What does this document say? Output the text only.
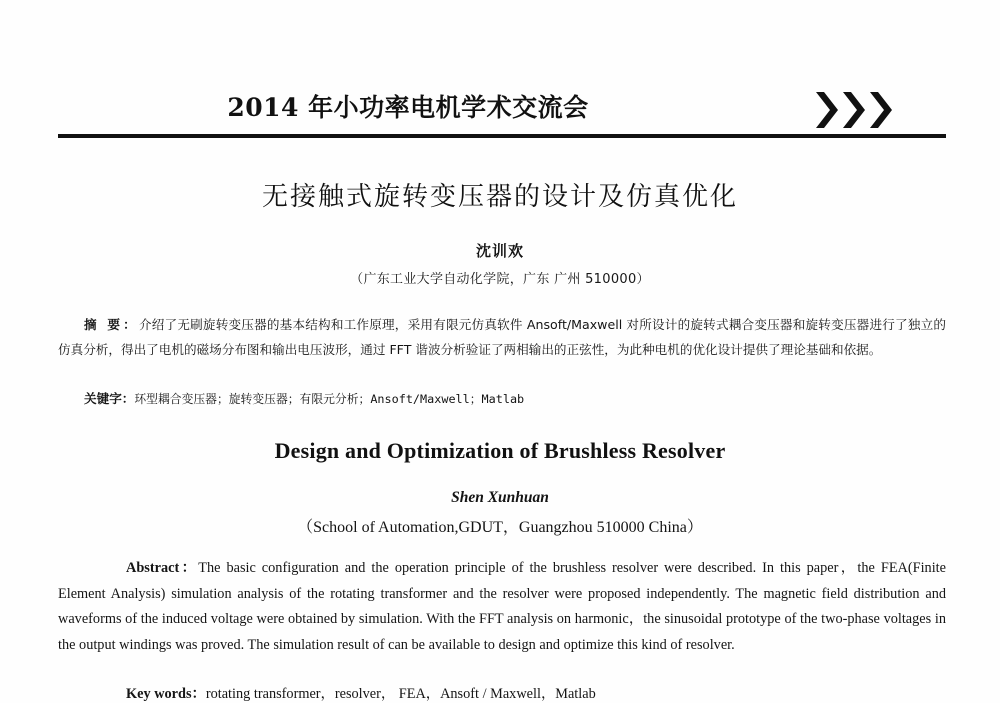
2014 年小功率电机学术交流会
无接触式旋转变压器的设计及仿真优化
沈训欢
（广东工业大学自动化学院，广东 广州 510000）
摘 要：介绍了无刷旋转变压器的基本结构和工作原理，采用有限元仿真软件 Ansoft/Maxwell 对所设计的旋转式耦合变压器和旋转变压器进行了独立的仿真分析，得出了电机的磁场分布图和输出电压波形，通过 FFT 谐波分析验证了两相输出的正弦性，为此种电机的优化设计提供了理论基础和依据。
关键字：环型耦合变压器；旋转变压器；有限元分析；Ansoft/Maxwell；Matlab
Design and Optimization of Brushless Resolver
Shen Xunhuan
（School of Automation,GDUT，Guangzhou 510000 China）
Abstract：The basic configuration and the operation principle of the brushless resolver were described. In this paper，the FEA(Finite Element Analysis) simulation analysis of the rotating transformer and the resolver were proposed independently. The magnetic field distribution and waveforms of the induced voltage were obtained by simulation. With the FFT analysis on harmonic，the sinusoidal prototype of the two-phase voltages in the output windings was proved. The simulation result of can be available to design and optimize this kind of resolver.
Key words：rotating transformer，resolver， FEA，Ansoft / Maxwell，Matlab
